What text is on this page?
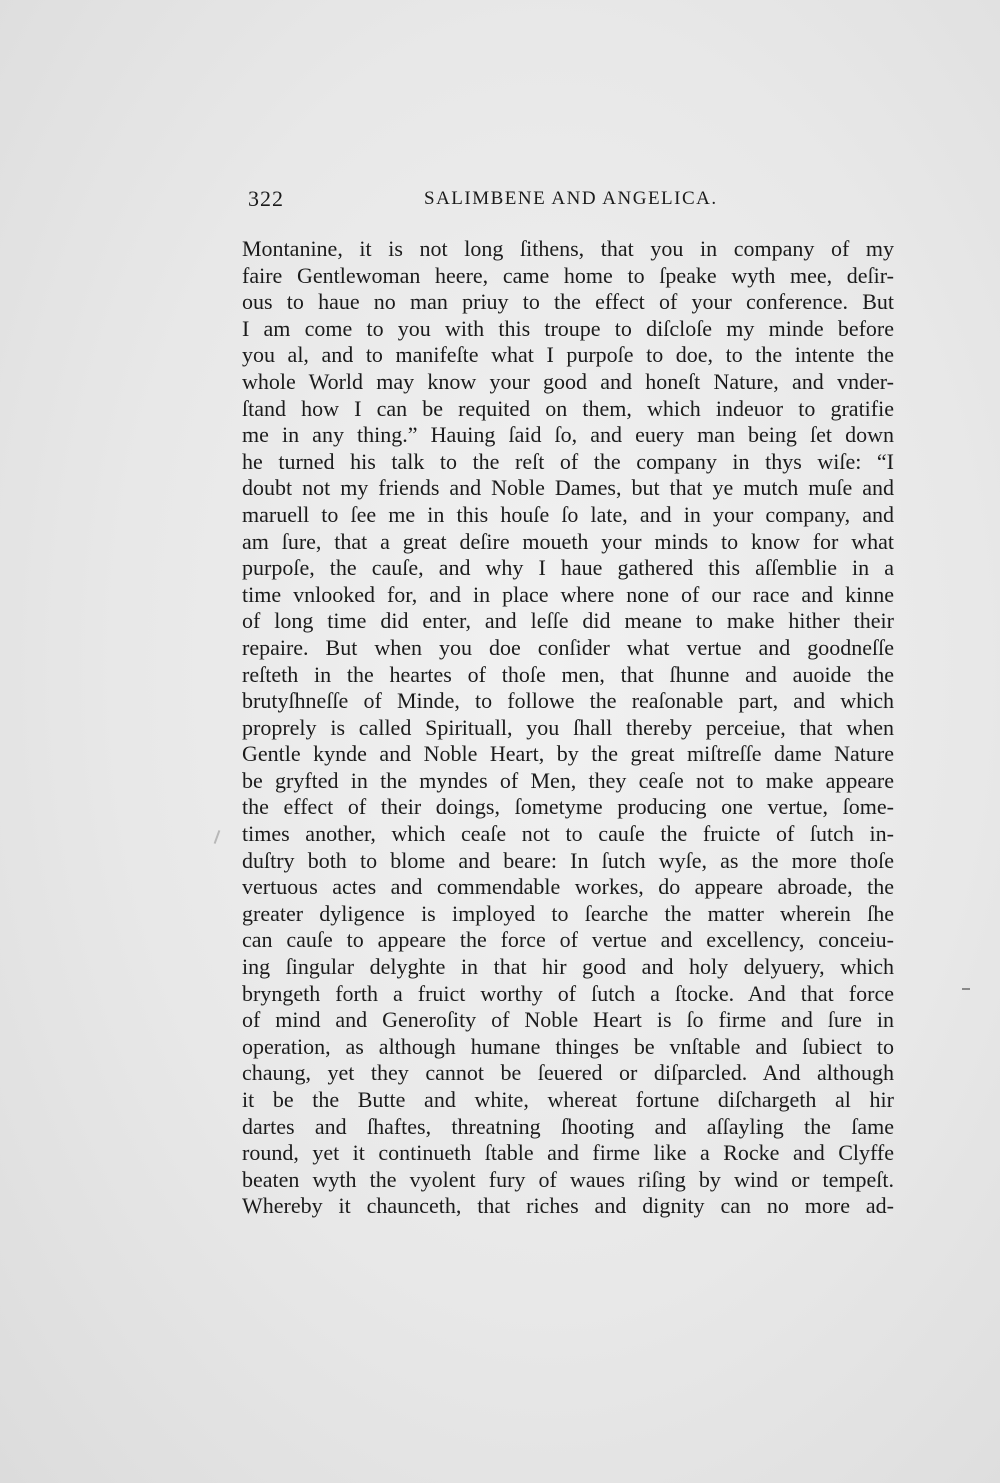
322	SALIMBENE AND ANGELICA.
Montanine, it is not long ſithens, that you in company of my
faire Gentlewoman heere, came home to ſpeake wyth mee, deſir-
ous to haue no man priuy to the effect of your conference. But
I am come to you with this troupe to diſcloſe my minde before
you al, and to manifeſte what I purpoſe to doe, to the intente the
whole World may know your good and honeſt Nature, and vnder-
ſtand how I can be requited on them, which indeuor to gratifie
me in any thing.” Hauing ſaid ſo, and euery man being ſet down
he turned his talk to the reſt of the company in thys wiſe: “I
doubt not my friends and Noble Dames, but that ye mutch muſe and
maruell to ſee me in this houſe ſo late, and in your company, and
am ſure, that a great deſire moueth your minds to know for what
purpoſe, the cauſe, and why I haue gathered this aſſemblie in a
time vnlooked for, and in place where none of our race and kinne
of long time did enter, and leſſe did meane to make hither their
repaire. But when you doe conſider what vertue and goodneſſe
reſteth in the heartes of thoſe men, that ſhunne and auoide the
brutyſhneſſe of Minde, to followe the reaſonable part, and which
proprely is called Spirituall, you ſhall thereby perceiue, that when
Gentle kynde and Noble Heart, by the great miſtreſſe dame Nature
be gryfted in the myndes of Men, they ceaſe not to make appeare
the effect of their doings, ſometyme producing one vertue, ſome-
times another, which ceaſe not to cauſe the fruicte of ſutch in-
duſtry both to blome and beare: In ſutch wyſe, as the more thoſe
vertuous actes and commendable workes, do appeare abroade, the
greater dyligence is imployed to ſearche the matter wherein ſhe
can cauſe to appeare the force of vertue and excellency, conceiu-
ing ſingular delyghte in that hir good and holy delyuery, which
bryngeth forth a fruict worthy of ſutch a ſtocke. And that force
of mind and Generoſity of Noble Heart is ſo firme and ſure in
operation, as although humane thinges be vnſtable and ſubiect to
chaung, yet they cannot be ſeuered or diſparcled. And although
it be the Butte and white, whereat fortune diſchargeth al hir
dartes and ſhaftes, threatning ſhooting and aſſayling the ſame
round, yet it continueth ſtable and firme like a Rocke and Clyffe
beaten wyth the vyolent fury of waues riſing by wind or tempeſt.
Whereby it chaunceth, that riches and dignity can no more ad-
